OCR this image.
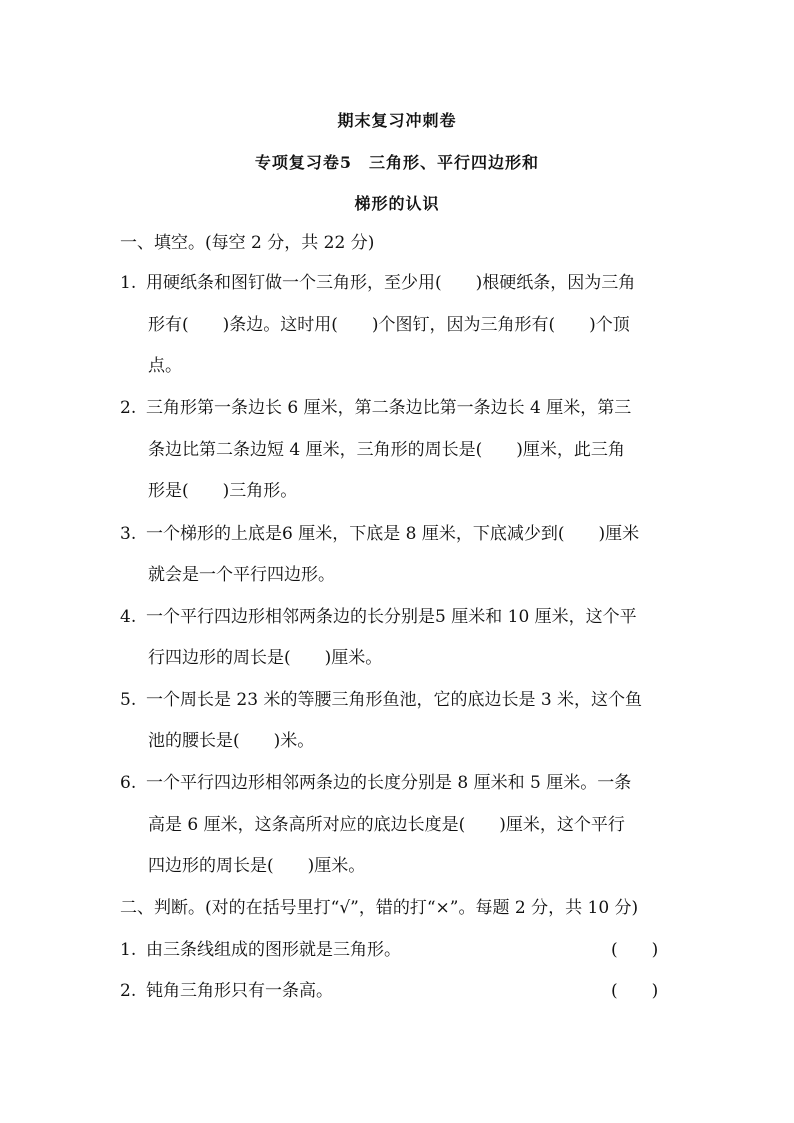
期末复习冲刺卷
专项复习卷5　三角形、平行四边形和
梯形的认识
一、填空。(每空 2 分，共 22 分)
1. 用硬纸条和图钉做一个三角形，至少用(　　)根硬纸条，因为三角
形有(　　)条边。这时用(　　)个图钉，因为三角形有(　　)个顶
点。
2. 三角形第一条边长 6 厘米，第二条边比第一条边长 4 厘米，第三
条边比第二条边短 4 厘米，三角形的周长是(　　)厘米，此三角
形是(　　)三角形。
3. 一个梯形的上底是6 厘米，下底是 8 厘米，下底减少到(　　)厘米
就会是一个平行四边形。
4. 一个平行四边形相邻两条边的长分别是5 厘米和 10 厘米，这个平
行四边形的周长是(　　)厘米。
5. 一个周长是 23 米的等腰三角形鱼池，它的底边长是 3 米，这个鱼
池的腰长是(　　)米。
6. 一个平行四边形相邻两条边的长度分别是 8 厘米和 5 厘米。一条
高是 6 厘米，这条高所对应的底边长度是(　　)厘米，这个平行
四边形的周长是(　　)厘米。
二、判断。(对的在括号里打“√”，错的打“×”。每题 2 分，共 10 分)
1. 由三条线组成的图形就是三角形。	(　　)
2. 钝角三角形只有一条高。	(　　)
